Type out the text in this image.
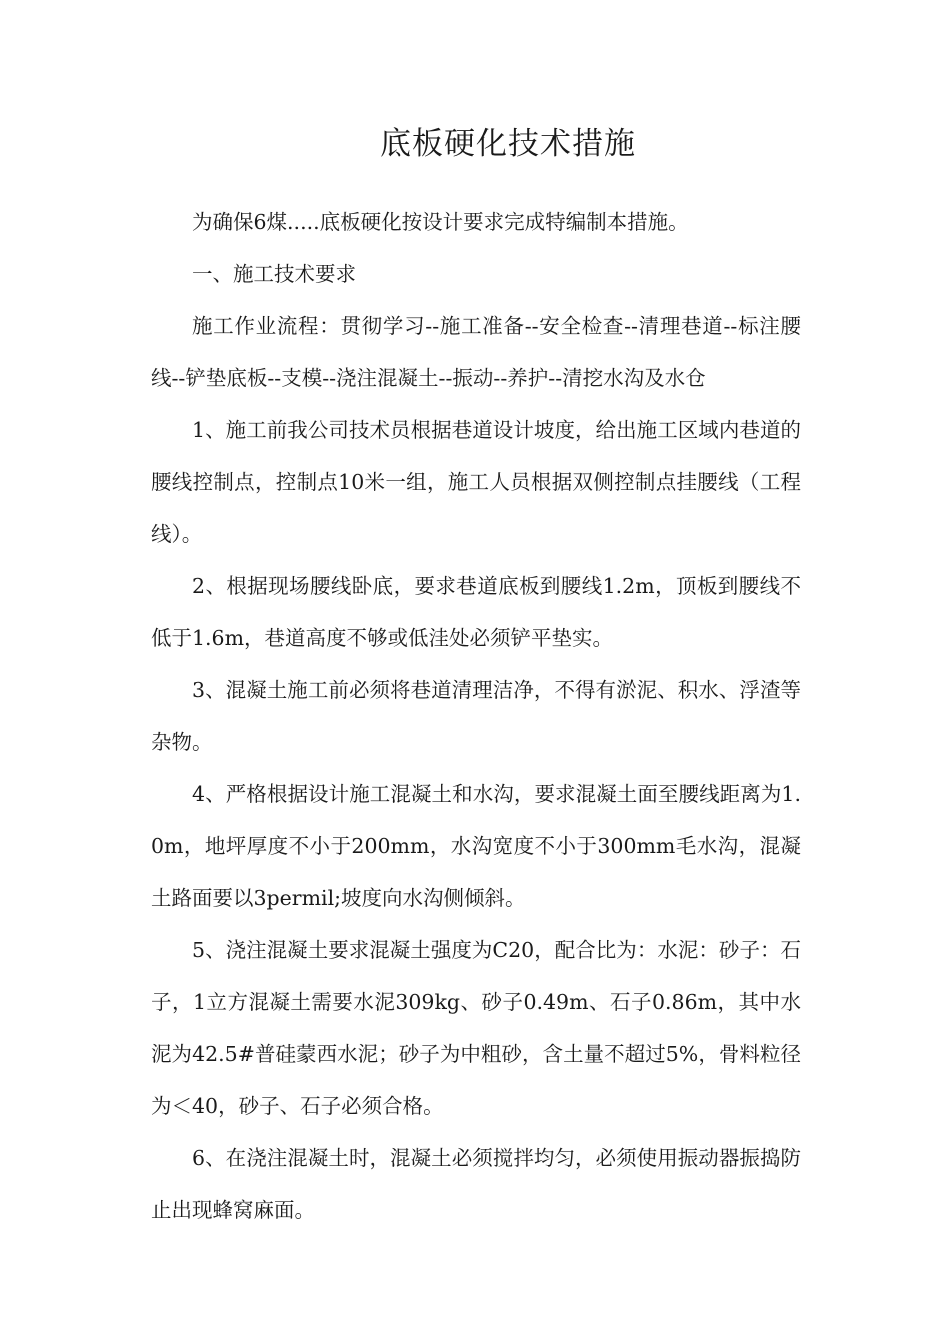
底板硬化技术措施

为确保6煤.....底板硬化按设计要求完成特编制本措施。

一、施工技术要求

施工作业流程：贯彻学习--施工准备--安全检查--清理巷道--标注腰线--铲垫底板--支模--浇注混凝土--振动--养护--清挖水沟及水仓

1、施工前我公司技术员根据巷道设计坡度，给出施工区域内巷道的腰线控制点，控制点10米一组，施工人员根据双侧控制点挂腰线（工程线）。

2、根据现场腰线卧底，要求巷道底板到腰线1.2m，顶板到腰线不低于1.6m，巷道高度不够或低洼处必须铲平垫实。

3、混凝土施工前必须将巷道清理洁净，不得有淤泥、积水、浮渣等杂物。

4、严格根据设计施工混凝土和水沟，要求混凝土面至腰线距离为1.0m，地坪厚度不小于200mm，水沟宽度不小于300mm毛水沟，混凝土路面要以3permil;坡度向水沟侧倾斜。

5、浇注混凝土要求混凝土强度为C20，配合比为：水泥：砂子：石子，1立方混凝土需要水泥309kg、砂子0.49m、石子0.86m，其中水泥为42.5#普硅蒙西水泥；砂子为中粗砂，含土量不超过5%，骨料粒径为＜40，砂子、石子必须合格。

6、在浇注混凝土时，混凝土必须搅拌均匀，必须使用振动器振捣防止出现蜂窝麻面。
